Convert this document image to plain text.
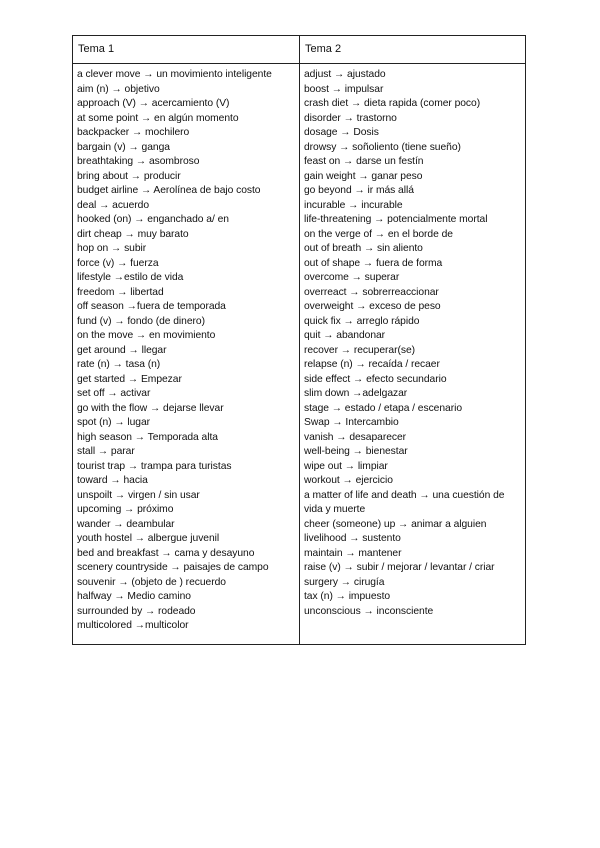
Tema 1	Tema 2
a clever move → un movimiento inteligente
aim (n) → objetivo
approach (V) → acercamiento (V)
at some point → en algún momento
backpacker → mochilero
bargain (v) → ganga
breathtaking → asombroso
bring about → producir
budget airline → Aerolínea de bajo costo
deal → acuerdo
hooked (on) → enganchado a/ en
dirt cheap → muy barato
hop on → subir
force (v) → fuerza
lifestyle →estilo de vida
freedom → libertad
off season →fuera de temporada
fund (v) → fondo (de dinero)
on the move → en movimiento
get around → llegar
rate (n) → tasa (n)
get started → Empezar
set off → activar
go with the flow → dejarse llevar
spot (n) → lugar
high season → Temporada alta
stall → parar
tourist trap → trampa para turistas
toward → hacia
unspoilt → virgen / sin usar
upcoming → próximo
wander → deambular
youth hostel → albergue juvenil
bed and breakfast → cama y desayuno
scenery countryside → paisajes de campo
souvenir → (objeto de ) recuerdo
halfway → Medio camino
surrounded by → rodeado
multicolored →multicolor
adjust → ajustado
boost → impulsar
crash diet → dieta rapida (comer poco)
disorder → trastorno
dosage → Dosis
drowsy → soñoliento (tiene sueño)
feast on → darse un festín
gain weight → ganar peso
go beyond → ir más allá
incurable → incurable
life-threatening → potencialmente mortal
on the verge of → en el borde de
out of breath → sin aliento
out of shape → fuera de forma
overcome → superar
overreact → sobrerreaccionar
overweight → exceso de peso
quick fix → arreglo rápido
quit → abandonar
recover → recuperar(se)
relapse (n) → recaída / recaer
side effect → efecto secundario
slim down →adelgazar
stage → estado / etapa / escenario
Swap → Intercambio
vanish → desaparecer
well-being → bienestar
wipe out → limpiar
workout → ejercicio
a matter of life and death → una cuestión de vida y muerte
cheer (someone) up → animar a alguien
livelihood → sustento
maintain → mantener
raise (v) → subir / mejorar / levantar / criar
surgery → cirugía
tax (n) → impuesto
unconscious → inconsciente
